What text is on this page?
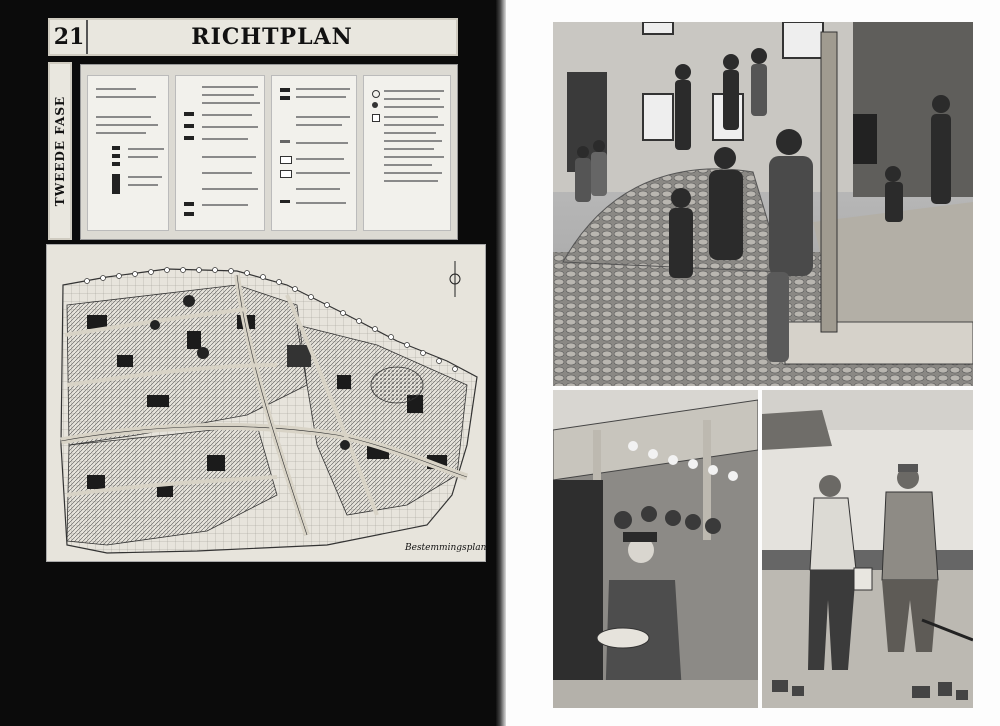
21	RICHTPLAN
TWEEDE FASE
Bestemmingsplan
